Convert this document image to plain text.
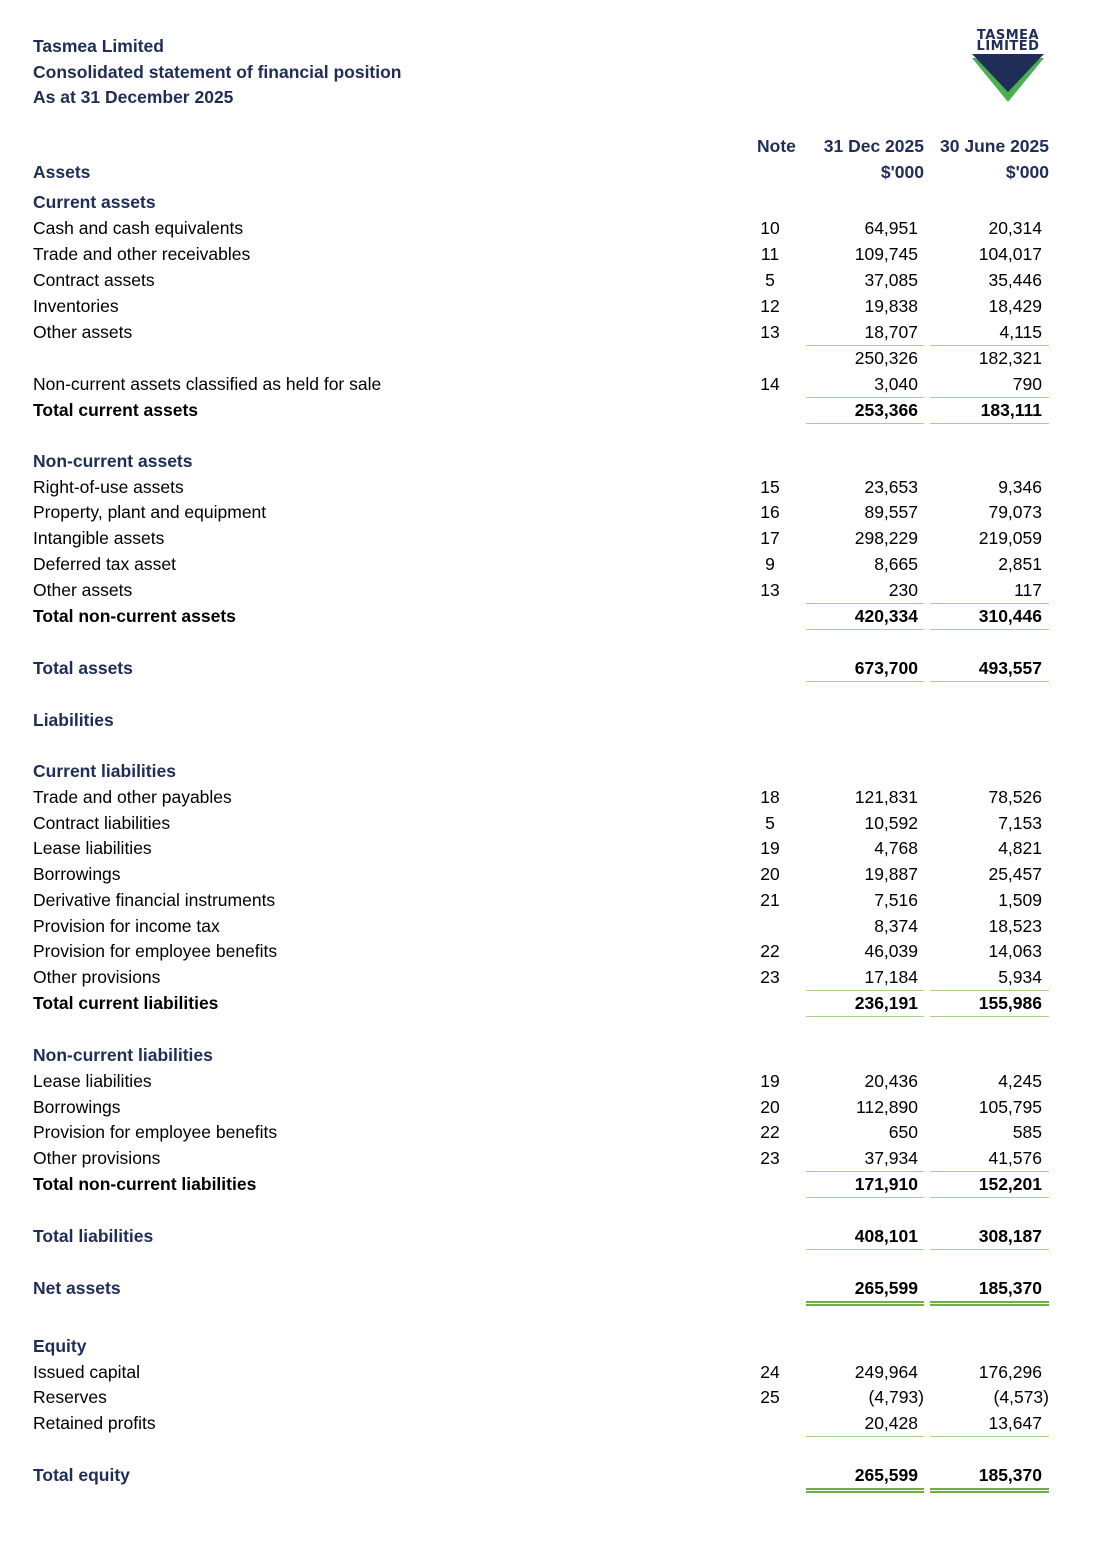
Tasmea Limited
Consolidated statement of financial position
As at 31 December 2025
TASMEA
LIMITED
Note	31 Dec 2025 30 June 2025
$'000	$'000
Assets
Current assets
Cash and cash equivalents	10	64,951	20,314
Trade and other receivables	11	109,745	104,017
Contract assets	5	37,085	35,446
Inventories	12	19,838	18,429
Other assets	13	18,707	4,115
250,326	182,321
Non-current assets classified as held for sale	14	3,040	790
Total current assets	253,366	183,111
Non-current assets
Right-of-use assets	15	23,653	9,346
Property, plant and equipment	16	89,557	79,073
Intangible assets	17	298,229	219,059
Deferred tax asset	9	8,665	2,851
Other assets	13	230	117
Total non-current assets	420,334	310,446
Total assets	673,700	493,557
Liabilities
Current liabilities
Trade and other payables	18	121,831	78,526
Contract liabilities	5	10,592	7,153
Lease liabilities	19	4,768	4,821
Borrowings	20	19,887	25,457
Derivative financial instruments	21	7,516	1,509
Provision for income tax	8,374	18,523
Provision for employee benefits	22	46,039	14,063
Other provisions	23	17,184	5,934
Total current liabilities	236,191	155,986
Non-current liabilities
Lease liabilities	19	20,436	4,245
Borrowings	20	112,890	105,795
Provision for employee benefits	22	650	585
Other provisions	23	37,934	41,576
Total non-current liabilities	171,910	152,201
Total liabilities	408,101	308,187
Net assets	265,599	185,370
Equity
Issued capital	24	249,964	176,296
Reserves	25	(4,793)	(4,573)
Retained profits	20,428	13,647
Total equity	265,599	185,370
